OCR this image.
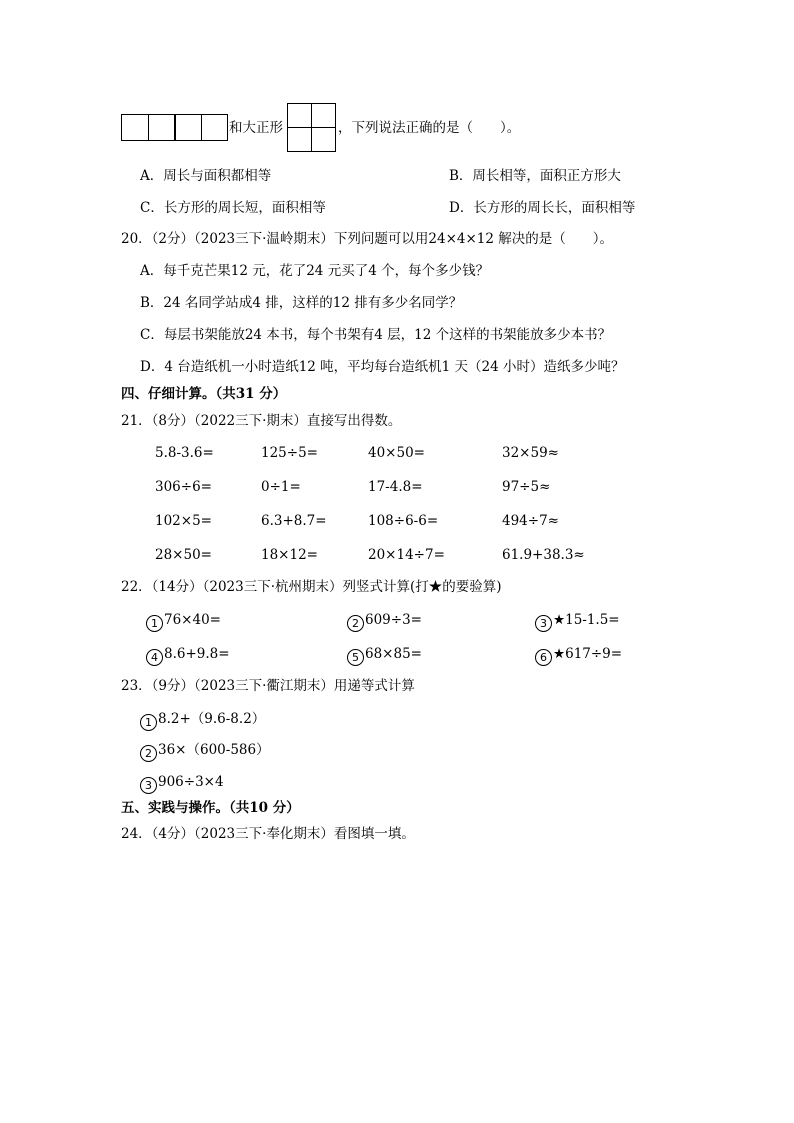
和大正形	，下列说法正确的是（　　）。
A．周长与面积都相等	B．周长相等，面积正方形大
C．长方形的周长短，面积相等	D．长方形的周长长，面积相等
20．（2分）（2023三下·温岭期末）下列问题可以用24×4×12 解决的是（　　）。
A．每千克芒果12 元，花了24 元买了4 个，每个多少钱？
B．24 名同学站成4 排，这样的12 排有多少名同学？
C．每层书架能放24 本书，每个书架有4 层，12 个这样的书架能放多少本书？
D．4 台造纸机一小时造纸12 吨，平均每台造纸机1 天（24 小时）造纸多少吨？
四、仔细计算。（共31 分）
21．（8分）（2022三下·期末）直接写出得数。
5.8-3.6=	125÷5=	40×50=	32×59≈
306÷6=	0÷1=	17-4.8=	97÷5≈
102×5=	6.3+8.7=	108÷6-6=	494÷7≈
28×50=	18×12=	20×14÷7=	61.9+38.3≈
22．（14分）（2023三下·杭州期末）列竖式计算(打★的要验算)
1 76×40=	2 609÷3=	3 ★15-1.5=
4 8.6+9.8=	5 68×85=	6 ★617÷9=
23．（9分）（2023三下·衢江期末）用递等式计算
1 8.2+（9.6-8.2）
2 36×（600-586）
3 906÷3×4
五、实践与操作。（共10 分）
24．（4分）（2023三下·奉化期末）看图填一填。
